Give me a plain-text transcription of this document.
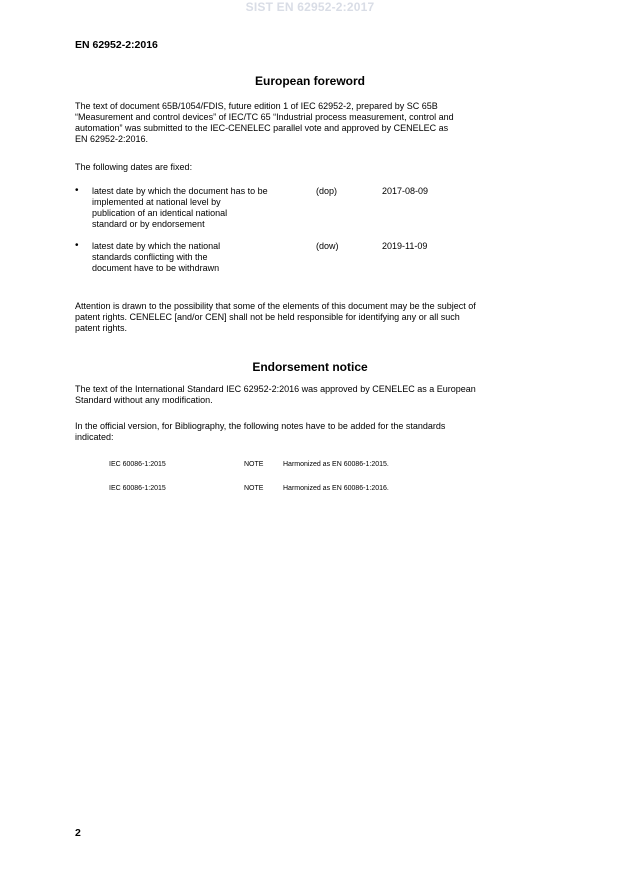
SIST EN 62952-2:2017
EN 62952-2:2016
European foreword
The text of document 65B/1054/FDIS, future edition 1 of IEC 62952-2, prepared by SC 65B
“Measurement and control devices” of IEC/TC 65 “Industrial process measurement, control and
automation” was submitted to the IEC-CENELEC parallel vote and approved by CENELEC as
EN 62952-2:2016.
The following dates are fixed:
• latest date by which the document has to be
implemented at national level by
publication of an identical national
standard or by endorsement
(dop)	2017-08-09
• latest date by which the national
standards conflicting with the
document have to be withdrawn
(dow)	2019-11-09
Attention is drawn to the possibility that some of the elements of this document may be the subject of
patent rights. CENELEC [and/or CEN] shall not be held responsible for identifying any or all such
patent rights.
Endorsement notice
The text of the International Standard IEC 62952-2:2016 was approved by CENELEC as a European
Standard without any modification.
In the official version, for Bibliography, the following notes have to be added for the standards
indicated:
IEC 60086-1:2015	NOTE	Harmonized as EN 60086-1:2015.
IEC 60086-1:2015	NOTE	Harmonized as EN 60086-1:2016.
2
